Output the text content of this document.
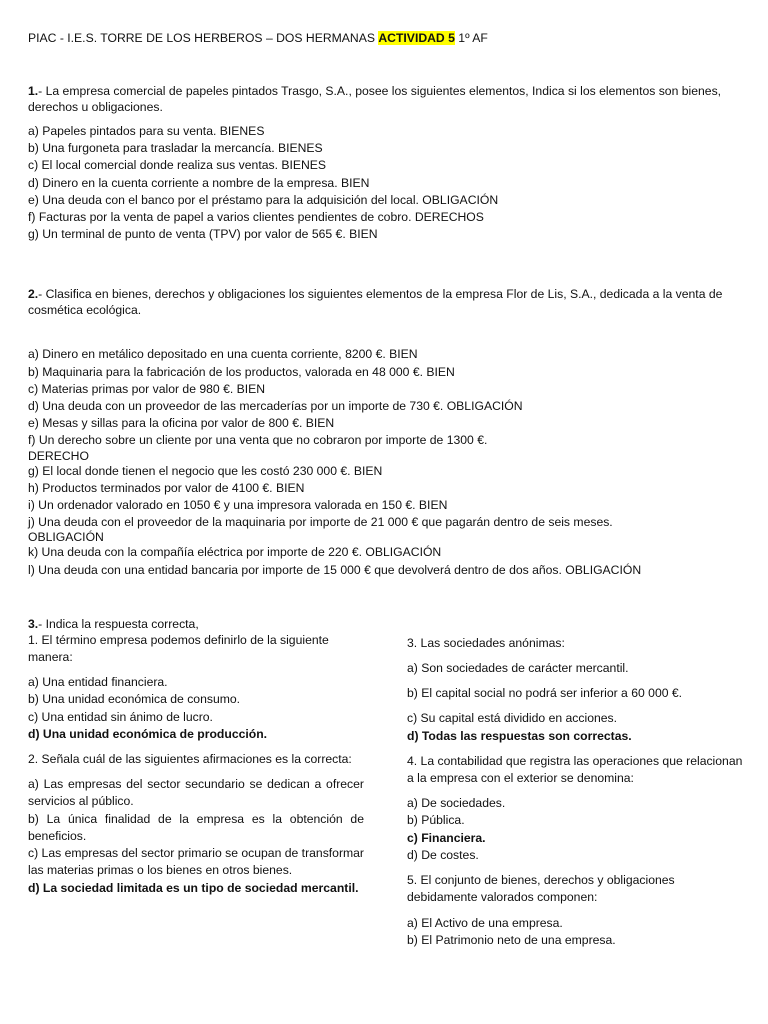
PIAC - I.E.S. TORRE DE LOS HERBEROS – DOS HERMANAS ACTIVIDAD 5 1º AF
1.- La empresa comercial de papeles pintados Trasgo, S.A., posee los siguientes elementos, Indica si los elementos son bienes, derechos u obligaciones.
a) Papeles pintados para su venta. BIENES
b) Una furgoneta para trasladar la mercancía. BIENES
c) El local comercial donde realiza sus ventas. BIENES
d) Dinero en la cuenta corriente a nombre de la empresa. BIEN
e) Una deuda con el banco por el préstamo para la adquisición del local. OBLIGACIÓN
f) Facturas por la venta de papel a varios clientes pendientes de cobro. DERECHOS
g) Un terminal de punto de venta (TPV) por valor de 565 €. BIEN
2.- Clasifica en bienes, derechos y obligaciones los siguientes elementos de la empresa Flor de Lis, S.A., dedicada a la venta de cosmética ecológica.
a) Dinero en metálico depositado en una cuenta corriente, 8200 €. BIEN
b) Maquinaria para la fabricación de los productos, valorada en 48 000 €. BIEN
c) Materias primas por valor de 980 €. BIEN
d) Una deuda con un proveedor de las mercaderías por un importe de 730 €. OBLIGACIÓN
e) Mesas y sillas para la oficina por valor de 800 €. BIEN
f) Un derecho sobre un cliente por una venta que no cobraron por importe de 1300 €.
DERECHO
g) El local donde tienen el negocio que les costó 230 000 €. BIEN
h) Productos terminados por valor de 4100 €. BIEN
i) Un ordenador valorado en 1050 € y una impresora valorada en 150 €. BIEN
j) Una deuda con el proveedor de la maquinaria por importe de 21 000 € que pagarán dentro de seis meses.
OBLIGACIÓN
k) Una deuda con la compañía eléctrica por importe de 220 €. OBLIGACIÓN
l) Una deuda con una entidad bancaria por importe de 15 000 € que devolverá dentro de dos años. OBLIGACIÓN
3.- Indica la respuesta correcta,
1. El término empresa podemos definirlo de la siguiente manera:
a) Una entidad financiera.
b) Una unidad económica de consumo.
c) Una entidad sin ánimo de lucro.
d) Una unidad económica de producción.
2. Señala cuál de las siguientes afirmaciones es la correcta:
a) Las empresas del sector secundario se dedican a ofrecer servicios al público.
b) La única finalidad de la empresa es la obtención de beneficios.
c) Las empresas del sector primario se ocupan de transformar las materias primas o los bienes en otros bienes.
d) La sociedad limitada es un tipo de sociedad mercantil.
3. Las sociedades anónimas:
a) Son sociedades de carácter mercantil.
b) El capital social no podrá ser inferior a 60 000 €.
c) Su capital está dividido en acciones.
d) Todas las respuestas son correctas.
4. La contabilidad que registra las operaciones que relacionan a la empresa con el exterior se denomina:
a) De sociedades.
b) Pública.
c) Financiera.
d) De costes.
5. El conjunto de bienes, derechos y obligaciones debidamente valorados componen:
a) El Activo de una empresa.
b) El Patrimonio neto de una empresa.
